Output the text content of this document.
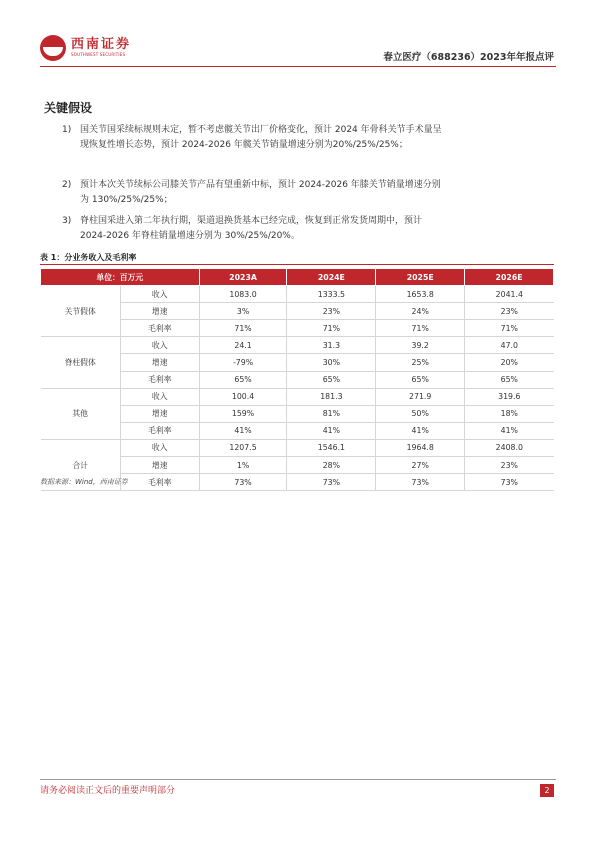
西南证券
SOUTHWEST SECURITIES	春立医疗（688236）2023年年报点评
关键假设
1) 国关节国采续标规则未定，暂不考虑髋关节出厂价格变化，预计 2024 年骨科关节手术量呈现恢复性增长态势，预计 2024-2026 年髋关节销量增速分别为20%/25%/25%；
2) 预计本次关节续标公司膝关节产品有望重新中标，预计 2024-2026 年膝关节销量增速分别为 130%/25%/25%；
3) 脊柱国采进入第二年执行期，渠道退换货基本已经完成，恢复到正常发货周期中，预计 2024-2026 年脊柱销量增速分别为 30%/25%/20%。
表 1：分业务收入及毛利率
单位：百万元		2023A	2024E	2025E	2026E
关节假体	收入	1083.0	1333.5	1653.8	2041.4
	增速	3%	23%	24%	23%
	毛利率	71%	71%	71%	71%
脊柱假体	收入	24.1	31.3	39.2	47.0
	增速	-79%	30%	25%	20%
	毛利率	65%	65%	65%	65%
其他	收入	100.4	181.3	271.9	319.6
	增速	159%	81%	50%	18%
	毛利率	41%	41%	41%	41%
合计	收入	1207.5	1546.1	1964.8	2408.0
	增速	1%	28%	27%	23%
	毛利率	73%	73%	73%	73%
数据来源：Wind，西南证券
请务必阅读正文后的重要声明部分	2
